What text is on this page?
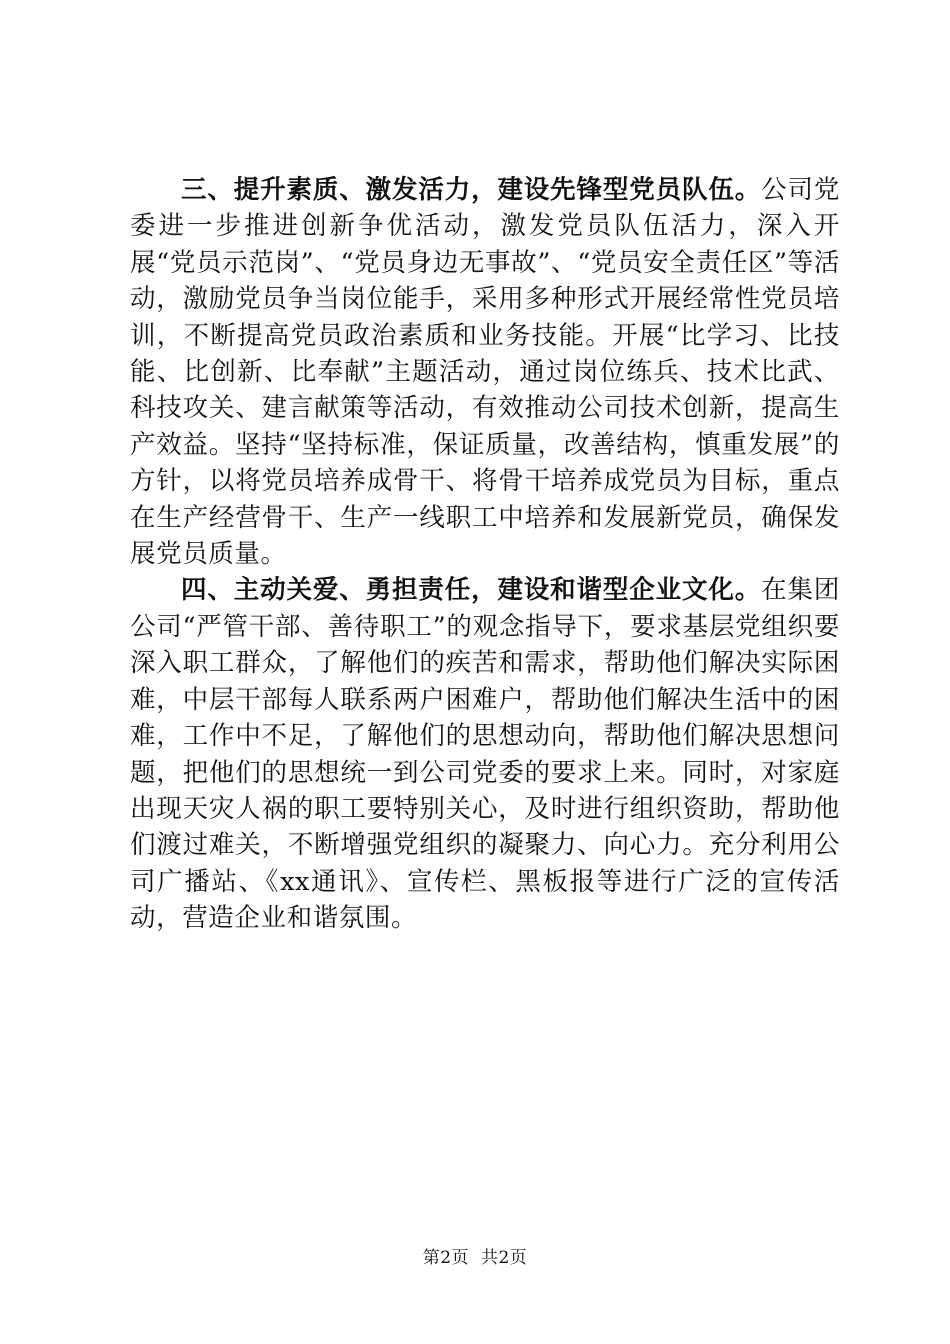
三、提升素质、激发活力，建设先锋型党员队伍。公司党委进一步推进创新争优活动，激发党员队伍活力，深入开展“党员示范岗”、“党员身边无事故”、“党员安全责任区”等活动，激励党员争当岗位能手，采用多种形式开展经常性党员培训，不断提高党员政治素质和业务技能。开展“比学习、比技能、比创新、比奉献”主题活动，通过岗位练兵、技术比武、科技攻关、建言献策等活动，有效推动公司技术创新，提高生产效益。坚持“坚持标准，保证质量，改善结构，慎重发展”的方针，以将党员培养成骨干、将骨干培养成党员为目标，重点在生产经营骨干、生产一线职工中培养和发展新党员，确保发展党员质量。

四、主动关爱、勇担责任，建设和谐型企业文化。在集团公司“严管干部、善待职工”的观念指导下，要求基层党组织要深入职工群众，了解他们的疾苦和需求，帮助他们解决实际困难，中层干部每人联系两户困难户，帮助他们解决生活中的困难，工作中不足，了解他们的思想动向，帮助他们解决思想问题，把他们的思想统一到公司党委的要求上来。同时，对家庭出现天灾人祸的职工要特别关心，及时进行组织资助，帮助他们渡过难关，不断增强党组织的凝聚力、向心力。充分利用公司广播站、《xx通讯》、宣传栏、黑板报等进行广泛的宣传活动，营造企业和谐氛围。

第2页 共2页
